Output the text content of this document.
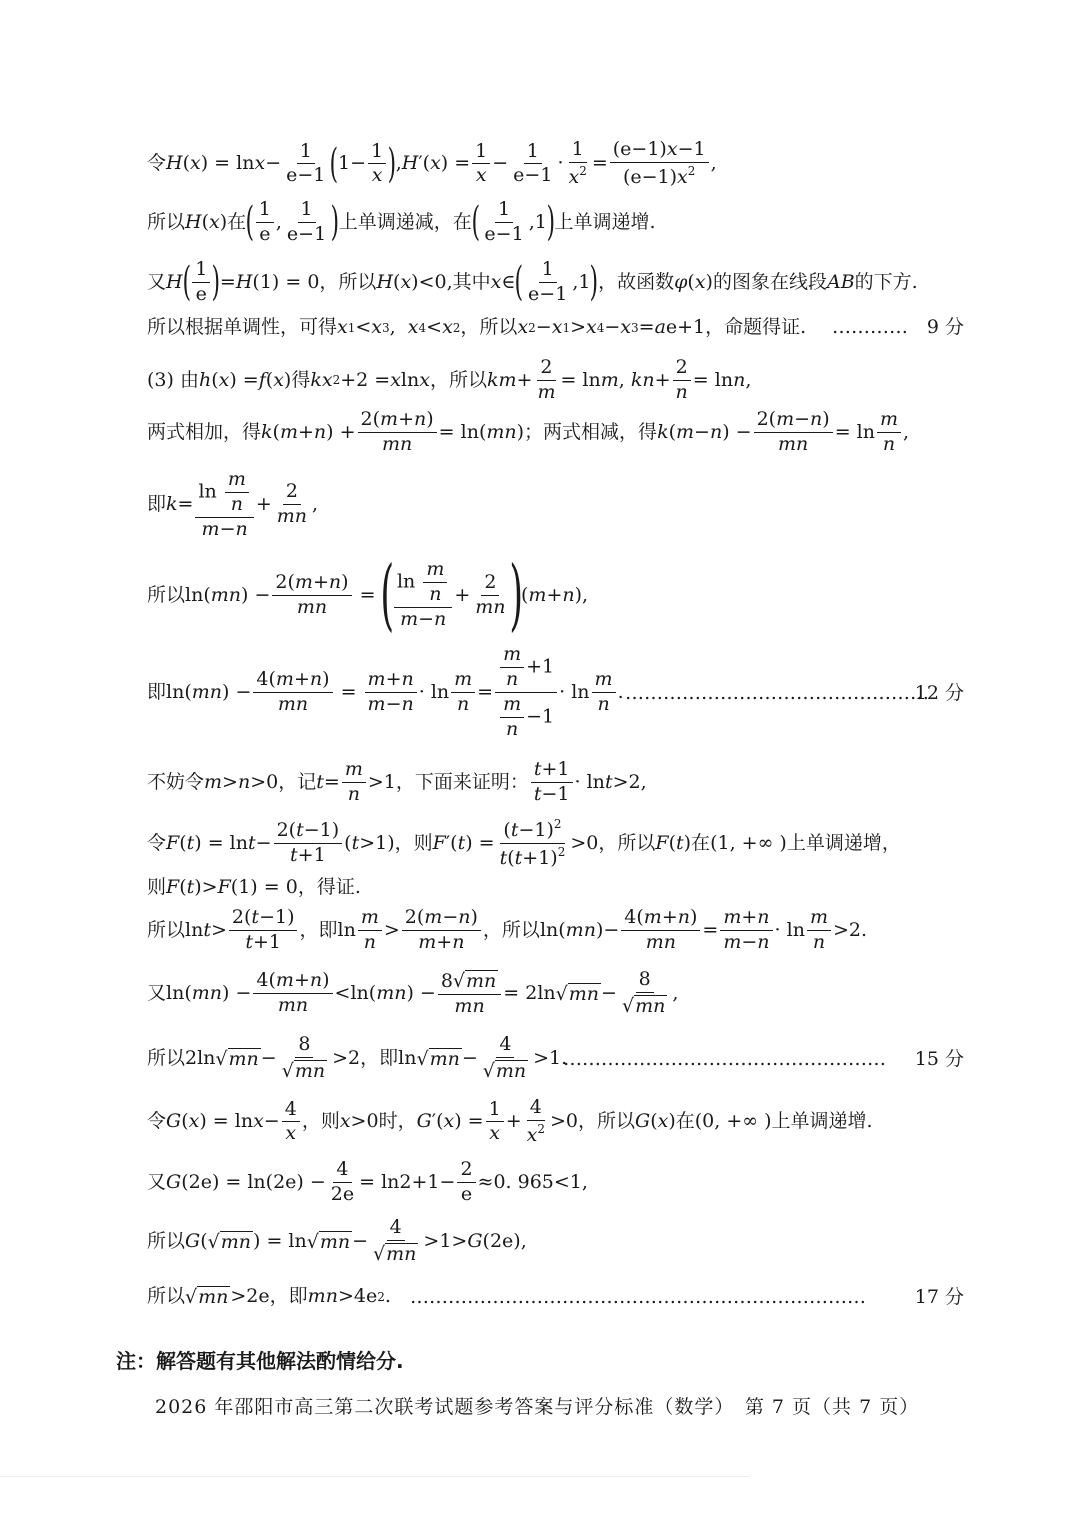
令 H ( x ) = $\ln x - \frac{1}{e-1}$ ( $1- \frac{1}{x}$ ) , H ′( x ) = $\frac{1}{x} - \frac{1}{e-1} \cdot \frac{1}{x^2} = \frac{(e-1)x-1}{(e-1)x^2}$ ,
所以 H ( x ) 在 ( $\frac{1}{e}$ , $\frac{1}{e-1}$ ) 上单调递减，在 ( $\frac{1}{e-1} ,1$ ) 上单调递增.
又 H ( $\frac{1}{e}$ ) = H (1) = 0 ，所以 H ( x )<0, 其中 x ∈ ( $\frac{1}{e-1} ,1$ ) ，故函数 φ ( x ) 的图象在线段 AB 的下方.
所以根据单调性，可得 x 1 < x 3 , x 4 < x 2 ，所以 x 2 − x 1 > x 4 − x 3 = a e+1 ，命题得证. ………… 9 分
(3) 由 h ( x ) = f ( x ) 得 kx 2 +2 = x ln x ，所以 km + $\frac{2}{m} = \ln m$ , kn + $\frac{2}{n} = \ln n$ ,
两式相加，得 k ( m + n ) + $\frac{2(m+n)}{mn} = \ln$( mn ) ；两式相减，得 k ( m − n ) − $\frac{2(m-n)}{mn} = \ln \frac{m}{n}$ ,
即 $k = \frac{\ln \frac{m}{n}}{m-n} + \frac{2}{mn}$ ,
所以 ln( mn ) − $\frac{2(m+n)}{mn}$ =
( $\frac{\ln \frac{m}{n}}{m-n} + \frac{2}{mn}$ )
( m + n ),
即 ln( mn ) − $\frac{4(m+n)}{mn} = \frac{m+n}{m-n} \cdot \ln \frac{m}{n} = \frac{\frac{m}{n} +1}{\frac{m}{n} -1} \cdot \ln \frac{m}{n}$ . …………………………………………
12 分
不妨令 m > n >0 ，记 $t = \frac{m}{n} >1$ ，下面来证明： $\frac{t+1}{t-1} \cdot \ln t >2$,
令 F ( t ) = $\ln t - \frac{2(t-1)}{t+1}$ ( t >1) ，则 F ′( t ) = $\frac{(t-1)^2}{t(t+1)^2} >0$ ，所以 F ( t ) 在 (1, +∞ ) 上单调递增，
则 F ( t )> F (1) = 0 ，得证.
所以 $\ln t > \frac{2(t-1)}{t+1}$ ，即 $\ln \frac{m}{n} > \frac{2(m-n)}{m+n}$ ，所以 ln( mn )− $\frac{4(m+n)}{mn} = \frac{m+n}{m-n} \cdot \ln \frac{m}{n} >2$.
又 ln( mn ) − $\frac{4(m+n)}{mn} <\ln$( mn ) − $\frac{8√ mn}{mn} = 2\ln$ √ mn − $\frac{8}{√ mn}$ ,
所以 2ln √ mn − $\frac{8}{√ mn} >2$ ，即 ln √ mn − $\frac{4}{√ mn} >1$.
…………………………………………… 15 分
令 G ( x ) = $\ln x - \frac{4}{x}$ ，则 x >0 时， G ′( x ) = $\frac{1}{x} + \frac{4}{x^2} >0$ ，所以 G ( x ) 在 (0, +∞ ) 上单调递增.
又 G $(2e) = \ln(2e) - \frac{4}{2e} = \ln 2+1- \frac{2}{e} \approx 0$. 965<1,
所以 G ( √ mn ) = ln √ mn − $\frac{4}{√ mn} >1> G$ (2e),
所以 √ mn >2e ，即 mn >4e 2 . ………………………………………………………………	17 分
注：解答题有其他解法酌情给分.
2026 年邵阳市高三第二次联考试题参考答案与评分标准（数学）　第 7 页（共 7 页）
